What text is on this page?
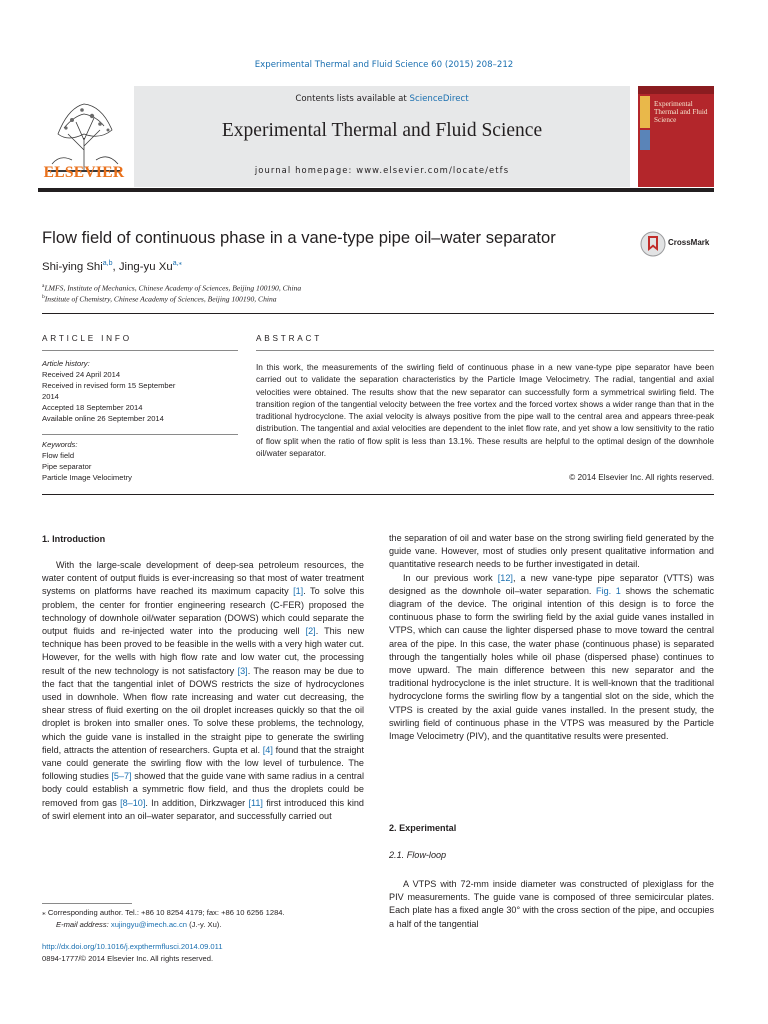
Experimental Thermal and Fluid Science 60 (2015) 208–212
ELSEVIER
Contents lists available at ScienceDirect
Experimental Thermal and Fluid Science
journal homepage: www.elsevier.com/locate/etfs
Experimental Thermal and Fluid Science
Flow field of continuous phase in a vane-type pipe oil–water separator	CrossMark
Shi-ying Shi$^{a,b}$, Jing-yu $Xu^{a,⁎}$
$^a$LMFS, Institute of Mechanics, Chinese Academy of Sciences, Beijing 100190, China
$^b$Institute of Chemistry, Chinese Academy of Sciences, Beijing 100190, China
ARTICLE INFO
Article history:
Received 24 April 2014
Received in revised form 15 September
2014
Accepted 18 September 2014
Available online 26 September 2014
Keywords:
Flow field
Pipe separator
Particle Image Velocimetry
ABSTRACT
In this work, the measurements of the swirling field of continuous phase in a new vane-type pipe separator have been carried out to validate the separation characteristics by the Particle Image Velocimetry. The radial, tangential and axial velocities were obtained. The results show that the new separator can successfully form a symmetrical swirling field. The transition region of the tangential velocity between the free vortex and the forced vortex shows a wider range than that in the traditional hydrocyclone. The axial velocity is always positive from the pipe wall to the central area and appears three-peak distribution. The tangential and axial velocities are dependent to the inlet flow rate, and yet show a low sensitivity to the ratio of flow split when the ratio of flow split is less than 13.1%. These results are helpful to the optimal design of the downhole oil/water separator.
© 2014 Elsevier Inc. All rights reserved.
1. Introduction

With the large-scale development of deep-sea petroleum resources, the water content of output fluids is ever-increasing so that most of water treatment systems on platforms have reached its maximum capacity [1]. To solve this problem, the center for frontier engineering research (C-FER) proposed the technology of downhole oil/water separation (DOWS) which could separate the output fluids and re-injected water into the producing well [2]. This new technique has been proved to be feasible in the wells with a very high water cut. However, for the wells with high flow rate and low water cut, the processing result of the new technology is not satisfactory [3]. The reason may be due to the fact that the tangential inlet of DOWS restricts the size of hydrocyclones used in downhole. When flow rate increasing and water cut decreasing, the shear stress of fluid exerting on the oil droplet increases quickly so that the oil droplet is broken into smaller ones. To solve these problems, the technology, which the guide vane is installed in the straight pipe to generate the swirling field, attracts the attention of researchers. Gupta et al. [4] found that the straight vane could generate the swirling flow with the low level of turbulence. The following studies [5–7] showed that the guide vane with same radius in a central body could establish a symmetric flow field, and thus the droplets could be removed from gas [8–10]. In addition, Dirkzwager [11] first introduced this kind of swirl element into an oil–water separator, and successfully carried out

⁎ Corresponding author. Tel.: +86 10 8254 4179; fax: +86 10 6256 1284.
E-mail address: xujingyu@imech.ac.cn (J.-y. Xu).
http://dx.doi.org/10.1016/j.expthermflusci.2014.09.011
0894-1777/© 2014 Elsevier Inc. All rights reserved.

the separation of oil and water base on the strong swirling field generated by the guide vane. However, most of studies only present qualitative information and quantitative research needs to be further investigated in detail.

In our previous work [12], a new vane-type pipe separator (VTTS) was designed as the downhole oil–water separation. Fig. 1 shows the schematic diagram of the device. The original intention of this design is to force the continuous phase to form the swirling field by the axial guide vanes installed in VTPS, which can cause the lighter dispersed phase to move toward the central area of the pipe. In this case, the water phase (continuous phase) is separated through the tangentially holes while oil phase (dispersed phase) continues to move upward. The main difference between this new separator and the traditional hydrocyclone is the inlet structure. It is well-known that the traditional hydrocyclone forms the swirling flow by a tangential slot on the side, which the VTPS is created by the axial guide vanes installed. In the present study, the swirling field of continuous phase in the VTPS was measured by the Particle Image Velocimetry (PIV), and the quantitative results were presented.

2. Experimental
2.1. Flow-loop

A VTPS with 72-mm inside diameter was constructed of plexiglass for the PIV measurements. The guide vane is composed of three semicircular plates. Each plate has a fixed angle 30° with the cross section of the pipe, and occupies a half of the tangential
